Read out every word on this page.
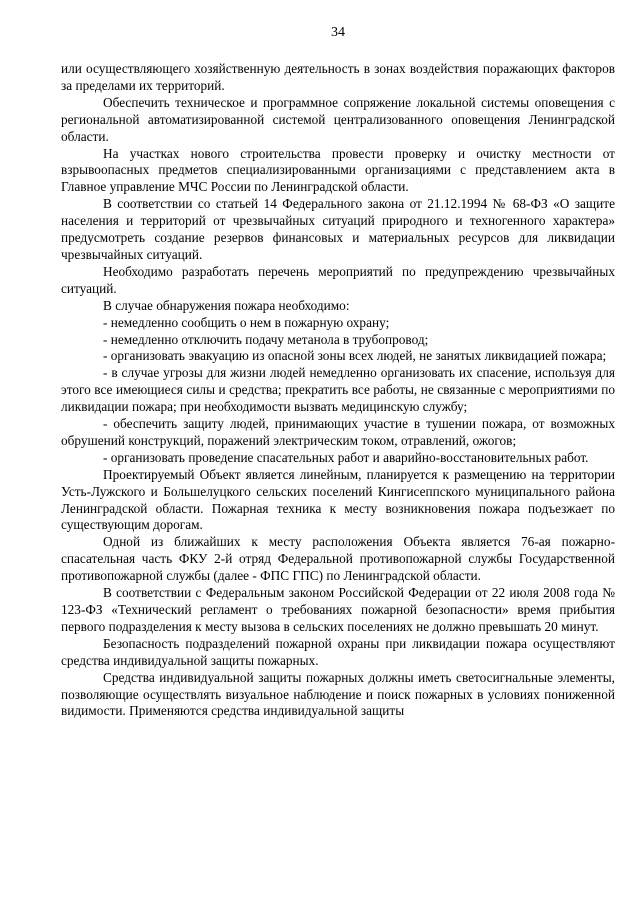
34

или осуществляющего хозяйственную деятельность в зонах воздействия поражающих факторов за пределами их территорий.

Обеспечить техническое и программное сопряжение локальной системы оповещения с региональной автоматизированной системой централизованного оповещения Ленинградской области.

На участках нового строительства провести проверку и очистку местности от взрывоопасных предметов специализированными организациями с представлением акта в Главное управление МЧС России по Ленинградской области.

В соответствии со статьей 14 Федерального закона от 21.12.1994 № 68-ФЗ «О защите населения и территорий от чрезвычайных ситуаций природного и техногенного характера» предусмотреть создание резервов финансовых и материальных ресурсов для ликвидации чрезвычайных ситуаций.

Необходимо разработать перечень мероприятий по предупреждению чрезвычайных ситуаций.

В случае обнаружения пожара необходимо:

- немедленно сообщить о нем в пожарную охрану;

- немедленно отключить подачу метанола в трубопровод;

- организовать эвакуацию из опасной зоны всех людей, не занятых ликвидацией пожара;

- в случае угрозы для жизни людей немедленно организовать их спасение, используя для этого все имеющиеся силы и средства; прекратить все работы, не связанные с мероприятиями по ликвидации пожара; при необходимости вызвать медицинскую службу;

- обеспечить защиту людей, принимающих участие в тушении пожара, от возможных обрушений конструкций, поражений электрическим током, отравлений, ожогов;

- организовать проведение спасательных работ и аварийно-восстановительных работ.

Проектируемый Объект является линейным, планируется к размещению на территории Усть-Лужского и Большелуцкого сельских поселений Кингисеппского муниципального района Ленинградской области. Пожарная техника к месту возникновения пожара подъезжает по существующим дорогам.

Одной из ближайших к месту расположения Объекта является 76-ая пожарно-спасательная часть ФКУ 2-й отряд Федеральной противопожарной службы Государственной противопожарной службы (далее - ФПС ГПС) по Ленинградской области.

В соответствии с Федеральным законом Российской Федерации от 22 июля 2008 года № 123-ФЗ «Технический регламент о требованиях пожарной безопасности» время прибытия первого подразделения к месту вызова в сельских поселениях не должно превышать 20 минут.

Безопасность подразделений пожарной охраны при ликвидации пожара осуществляют средства индивидуальной защиты пожарных.

Средства индивидуальной защиты пожарных должны иметь светосигнальные элементы, позволяющие осуществлять визуальное наблюдение и поиск пожарных в условиях пониженной видимости. Применяются средства индивидуальной защиты
